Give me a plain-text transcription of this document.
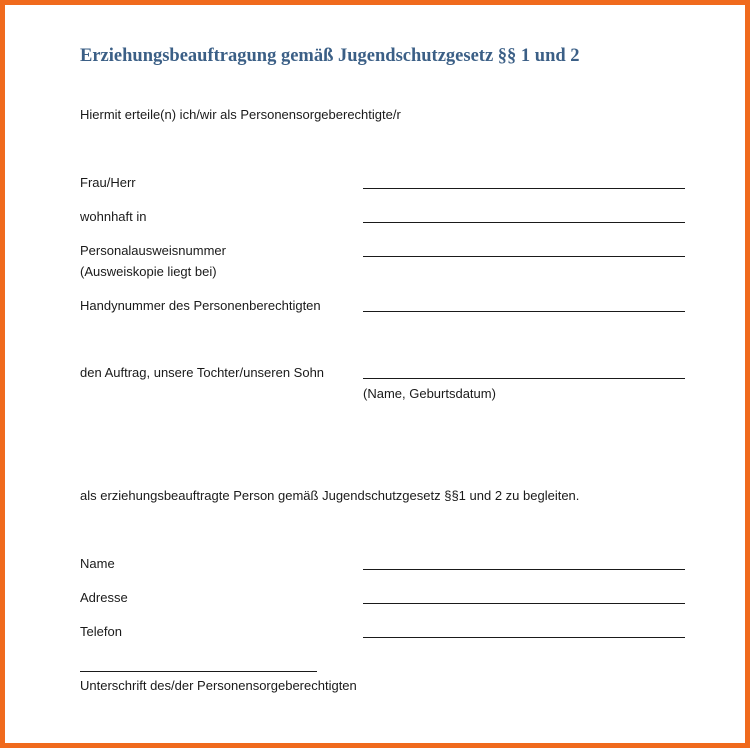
Erziehungsbeauftragung gemäß Jugendschutzgesetz §§ 1 und 2
Hiermit erteile(n) ich/wir als Personensorgeberechtigte/r
Frau/Herr
wohnhaft in
Personalausweisnummer
(Ausweiskopie liegt bei)
Handynummer des Personenberechtigten
den Auftrag, unsere Tochter/unseren Sohn
(Name, Geburtsdatum)
als erziehungsbeauftragte Person gemäß Jugendschutzgesetz §§1 und 2 zu begleiten.
Name
Adresse
Telefon
Unterschrift des/der Personensorgeberechtigten
